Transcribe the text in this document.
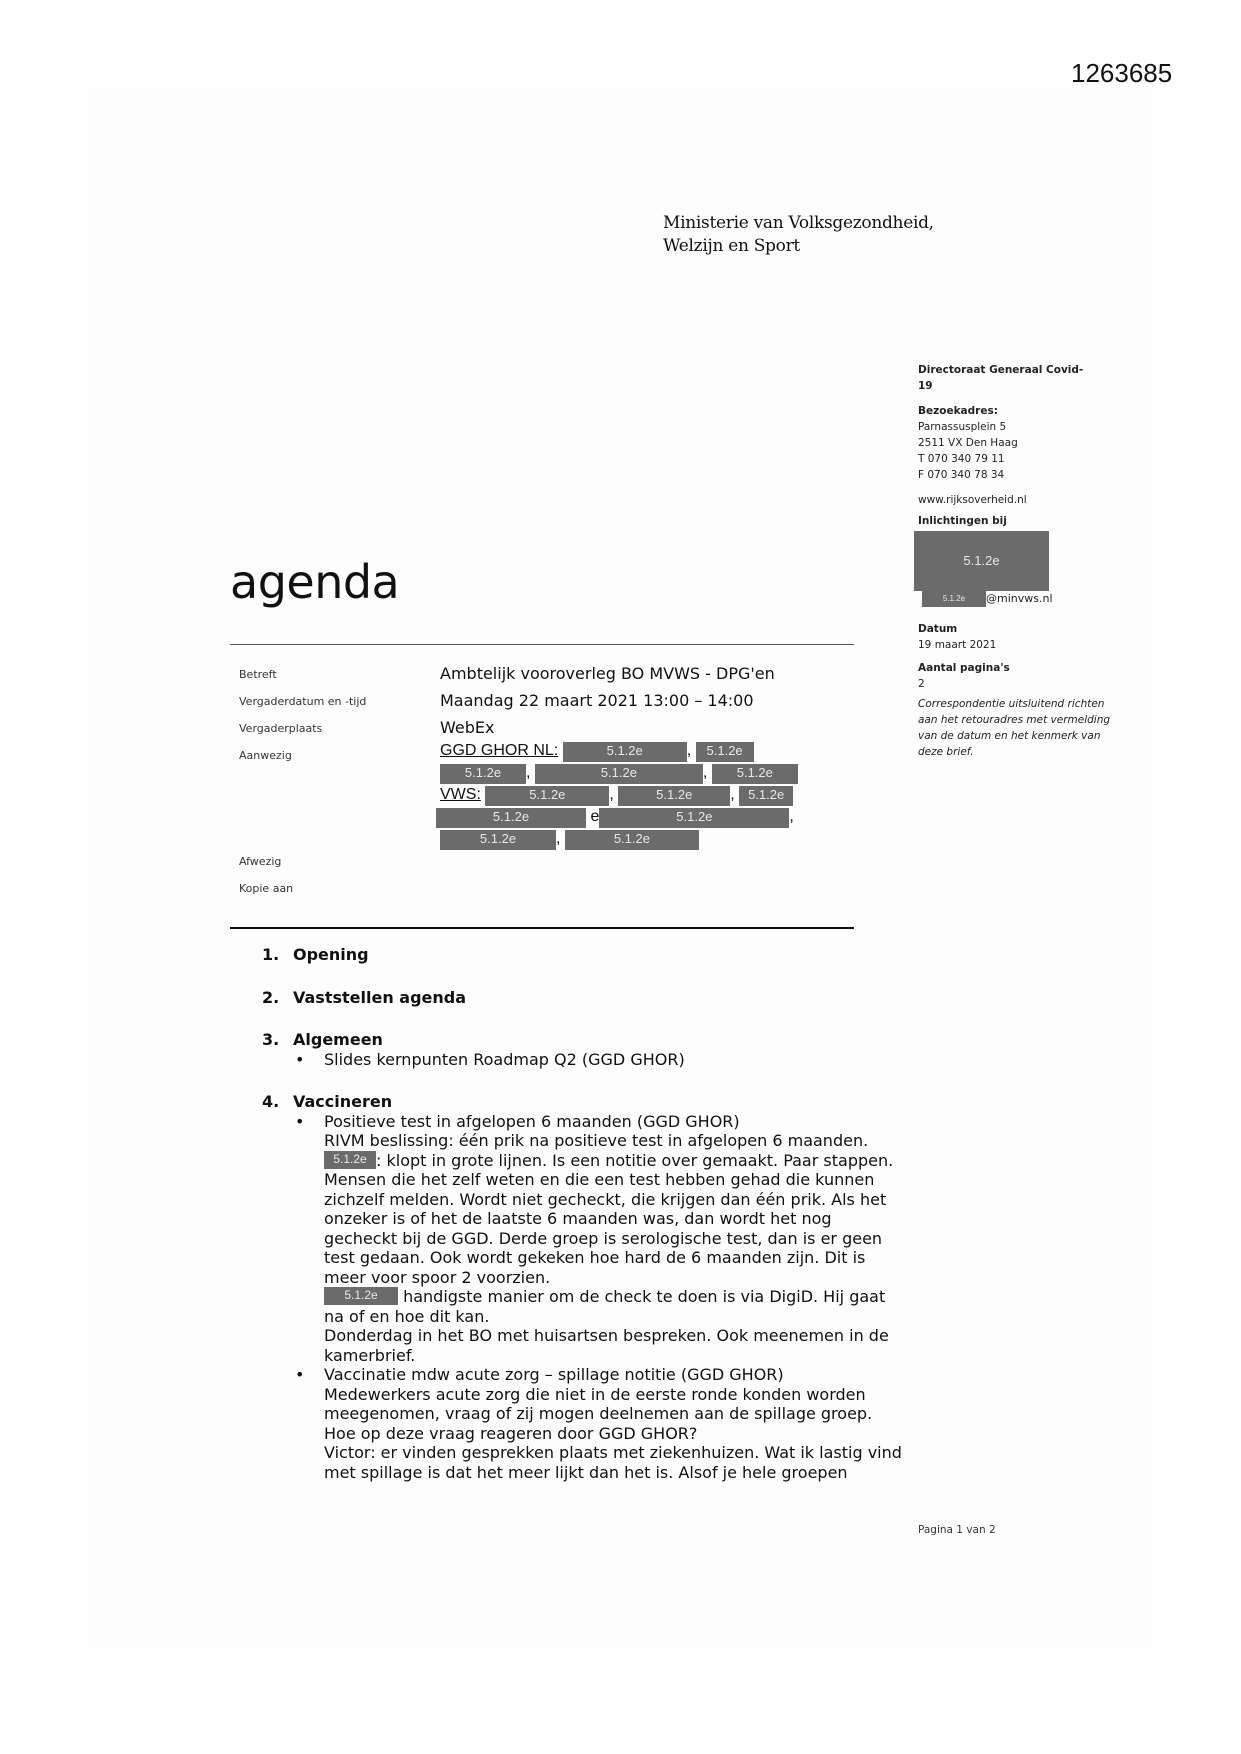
1263685
Ministerie van Volksgezondheid,
Welzijn en Sport
Directoraat Generaal Covid-
19
Bezoekadres:
Parnassusplein 5
2511 VX Den Haag
T 070 340 79 11
F 070 340 78 34
www.rijksoverheid.nl
Inlichtingen bij
5.1.2e
5.1.2e	@minvws.nl
Datum
19 maart 2021
Aantal pagina's
2
Correspondentie uitsluitend richten aan het retouradres met vermelding van de datum en het kenmerk van deze brief.
agenda
Betreft	Ambtelijk vooroverleg BO MVWS - DPG'en
Vergaderdatum en -tijd	Maandag 22 maart 2021 13:00 – 14:00
Vergaderplaats	WebEx
Aanwezig	GGD GHOR NL:	5.1.2e	, 5.1.2e
5.1.2e ,	5.1.2e	, 5.1.2e
VWS:	5.1.2e	,	5.1.2e , 5.1.2e
5.1.2e	e	5.1.2e	,
5.1.2e ,	5.1.2e
Afwezig
Kopie aan
1. Opening
2. Vaststellen agenda
3. Algemeen
•	Slides kernpunten Roadmap Q2 (GGD GHOR)
4. Vaccineren
•	Positieve test in afgelopen 6 maanden (GGD GHOR)

RIVM beslissing: één prik na positieve test in afgelopen 6 maanden.

5.1.2e : klopt in grote lijnen. Is een notitie over gemaakt. Paar stappen. Mensen die het zelf weten en die een test hebben gehad die kunnen zichzelf melden. Wordt niet gecheckt, die krijgen dan één prik. Als het onzeker is of het de laatste 6 maanden was, dan wordt het nog gecheckt bij de GGD. Derde groep is serologische test, dan is er geen test gedaan. Ook wordt gekeken hoe hard de 6 maanden zijn. Dit is meer voor spoor 2 voorzien.

5.1.2e handigste manier om de check te doen is via DigiD. Hij gaat na of en hoe dit kan.

Donderdag in het BO met huisartsen bespreken. Ook meenemen in de kamerbrief.

•	Vaccinatie mdw acute zorg – spillage notitie (GGD GHOR)

Medewerkers acute zorg die niet in de eerste ronde konden worden meegenomen, vraag of zij mogen deelnemen aan de spillage groep. Hoe op deze vraag reageren door GGD GHOR?

Victor: er vinden gesprekken plaats met ziekenhuizen. Wat ik lastig vind met spillage is dat het meer lijkt dan het is. Alsof je hele groepen

Pagina 1 van 2
